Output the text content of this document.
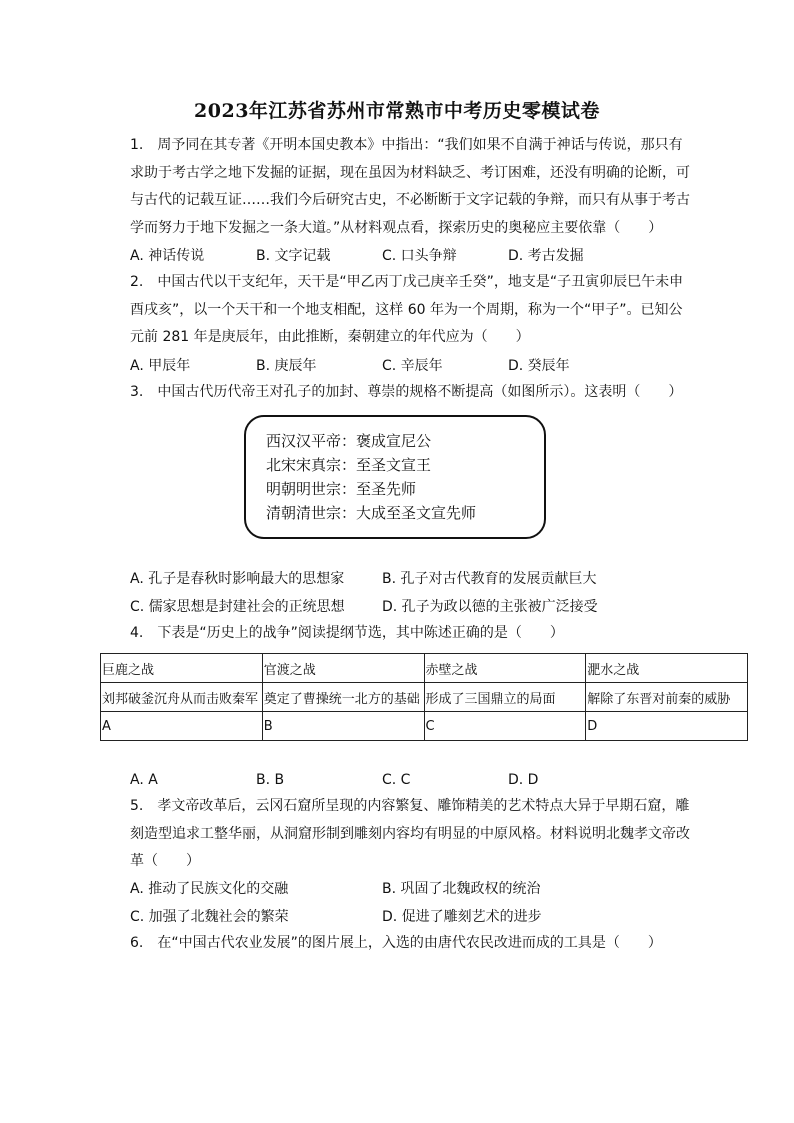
2023年江苏省苏州市常熟市中考历史零模试卷
1.　周予同在其专著《开明本国史教本》中指出：“我们如果不自满于神话与传说，那只有求助于考古学之地下发掘的证据，现在虽因为材料缺乏、考订困难，还没有明确的论断，可与古代的记载互证……我们今后研究古史，不必断断于文字记载的争辩，而只有从事于考古学而努力于地下发掘之一条大道。”从材料观点看，探索历史的奥秘应主要依靠（　　）
A. 神话传说	B. 文字记载	C. 口头争辩	D. 考古发掘
2.　中国古代以干支纪年，天干是“甲乙丙丁戊己庚辛壬癸”，地支是“子丑寅卯辰巳午未申酉戌亥”，以一个天干和一个地支相配，这样 60 年为一个周期，称为一个“甲子”。已知公元前 281 年是庚辰年，由此推断，秦朝建立的年代应为（　　）
A. 甲辰年	B. 庚辰年	C. 辛辰年	D. 癸辰年
3.　中国古代历代帝王对孔子的加封、尊崇的规格不断提高（如图所示）。这表明（　　）
西汉汉平帝：褒成宣尼公
北宋宋真宗：至圣文宣王
明朝明世宗：至圣先师
清朝清世宗：大成至圣文宣先师
A. 孔子是春秋时影响最大的思想家	B. 孔子对古代教育的发展贡献巨大
C. 儒家思想是封建社会的正统思想	D. 孔子为政以德的主张被广泛接受
4.　下表是“历史上的战争”阅读提纲节选，其中陈述正确的是（　　）
巨鹿之战	官渡之战	赤壁之战	淝水之战
刘邦破釜沉舟从而击败秦军	奠定了曹操统一北方的基础	形成了三国鼎立的局面	解除了东晋对前秦的威胁
A	B	C	D
A. A	B. B	C. C	D. D
5.　孝文帝改革后，云冈石窟所呈现的内容繁复、雕饰精美的艺术特点大异于早期石窟，雕刻造型追求工整华丽，从洞窟形制到雕刻内容均有明显的中原风格。材料说明北魏孝文帝改革（　　）
A. 推动了民族文化的交融	B. 巩固了北魏政权的统治
C. 加强了北魏社会的繁荣	D. 促进了雕刻艺术的进步
6.　在“中国古代农业发展”的图片展上，入选的由唐代农民改进而成的工具是（　　）
